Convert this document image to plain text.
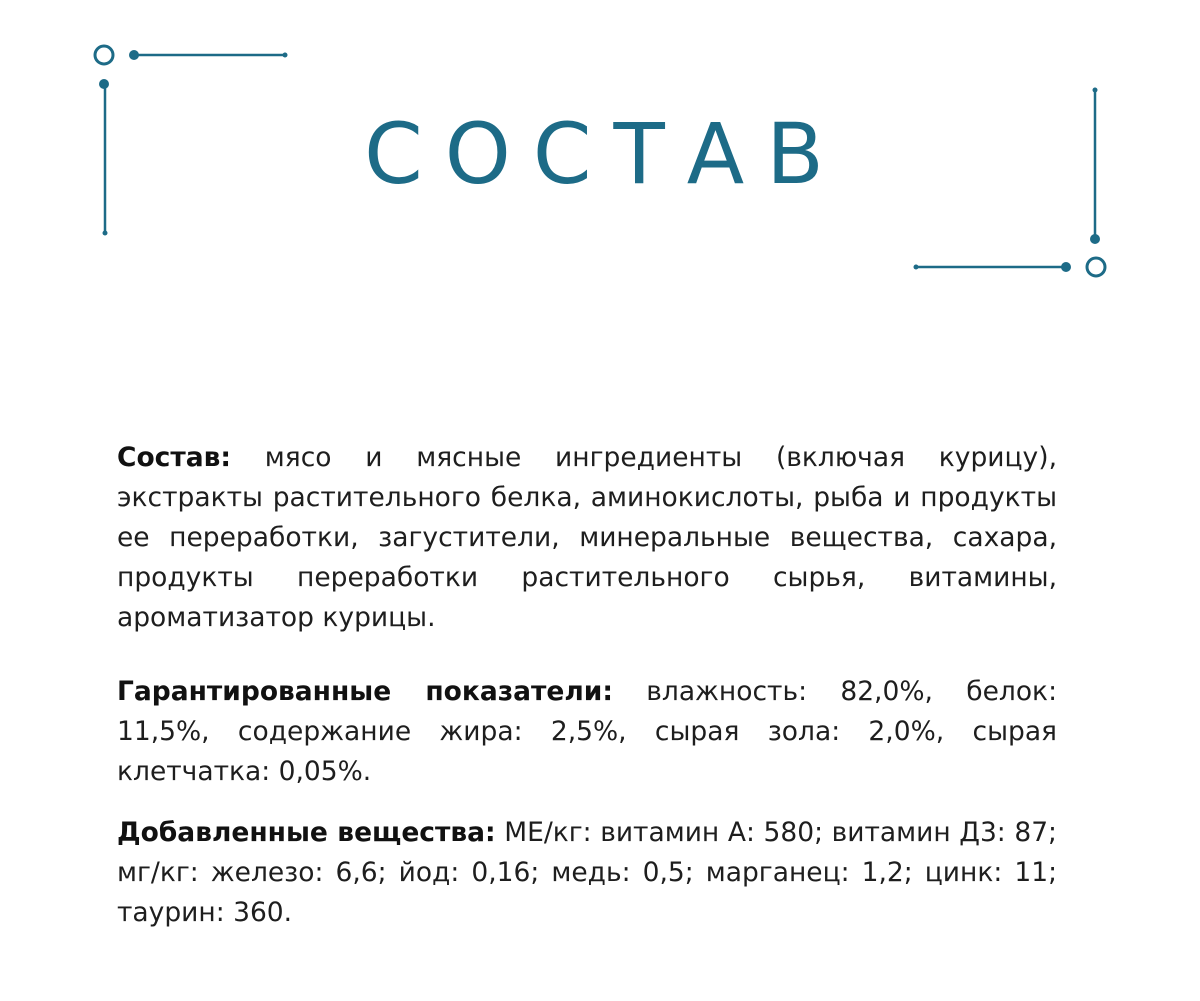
СОСТАВ

Состав: мясо и мясные ингредиенты (включая курицу), экстракты растительного белка, аминокислоты, рыба и продукты ее переработки, загустители, минеральные вещества, сахара, продукты переработки растительного сырья, витамины, ароматизатор курицы.

Гарантированные показатели: влажность: 82,0%, белок: 11,5%, содержание жира: 2,5%, сырая зола: 2,0%, сырая клетчатка: 0,05%.

Добавленные вещества: МЕ/кг: витамин А: 580; витамин Д3: 87; мг/кг: железо: 6,6; йод: 0,16; медь: 0,5; марганец: 1,2; цинк: 11; таурин: 360.
